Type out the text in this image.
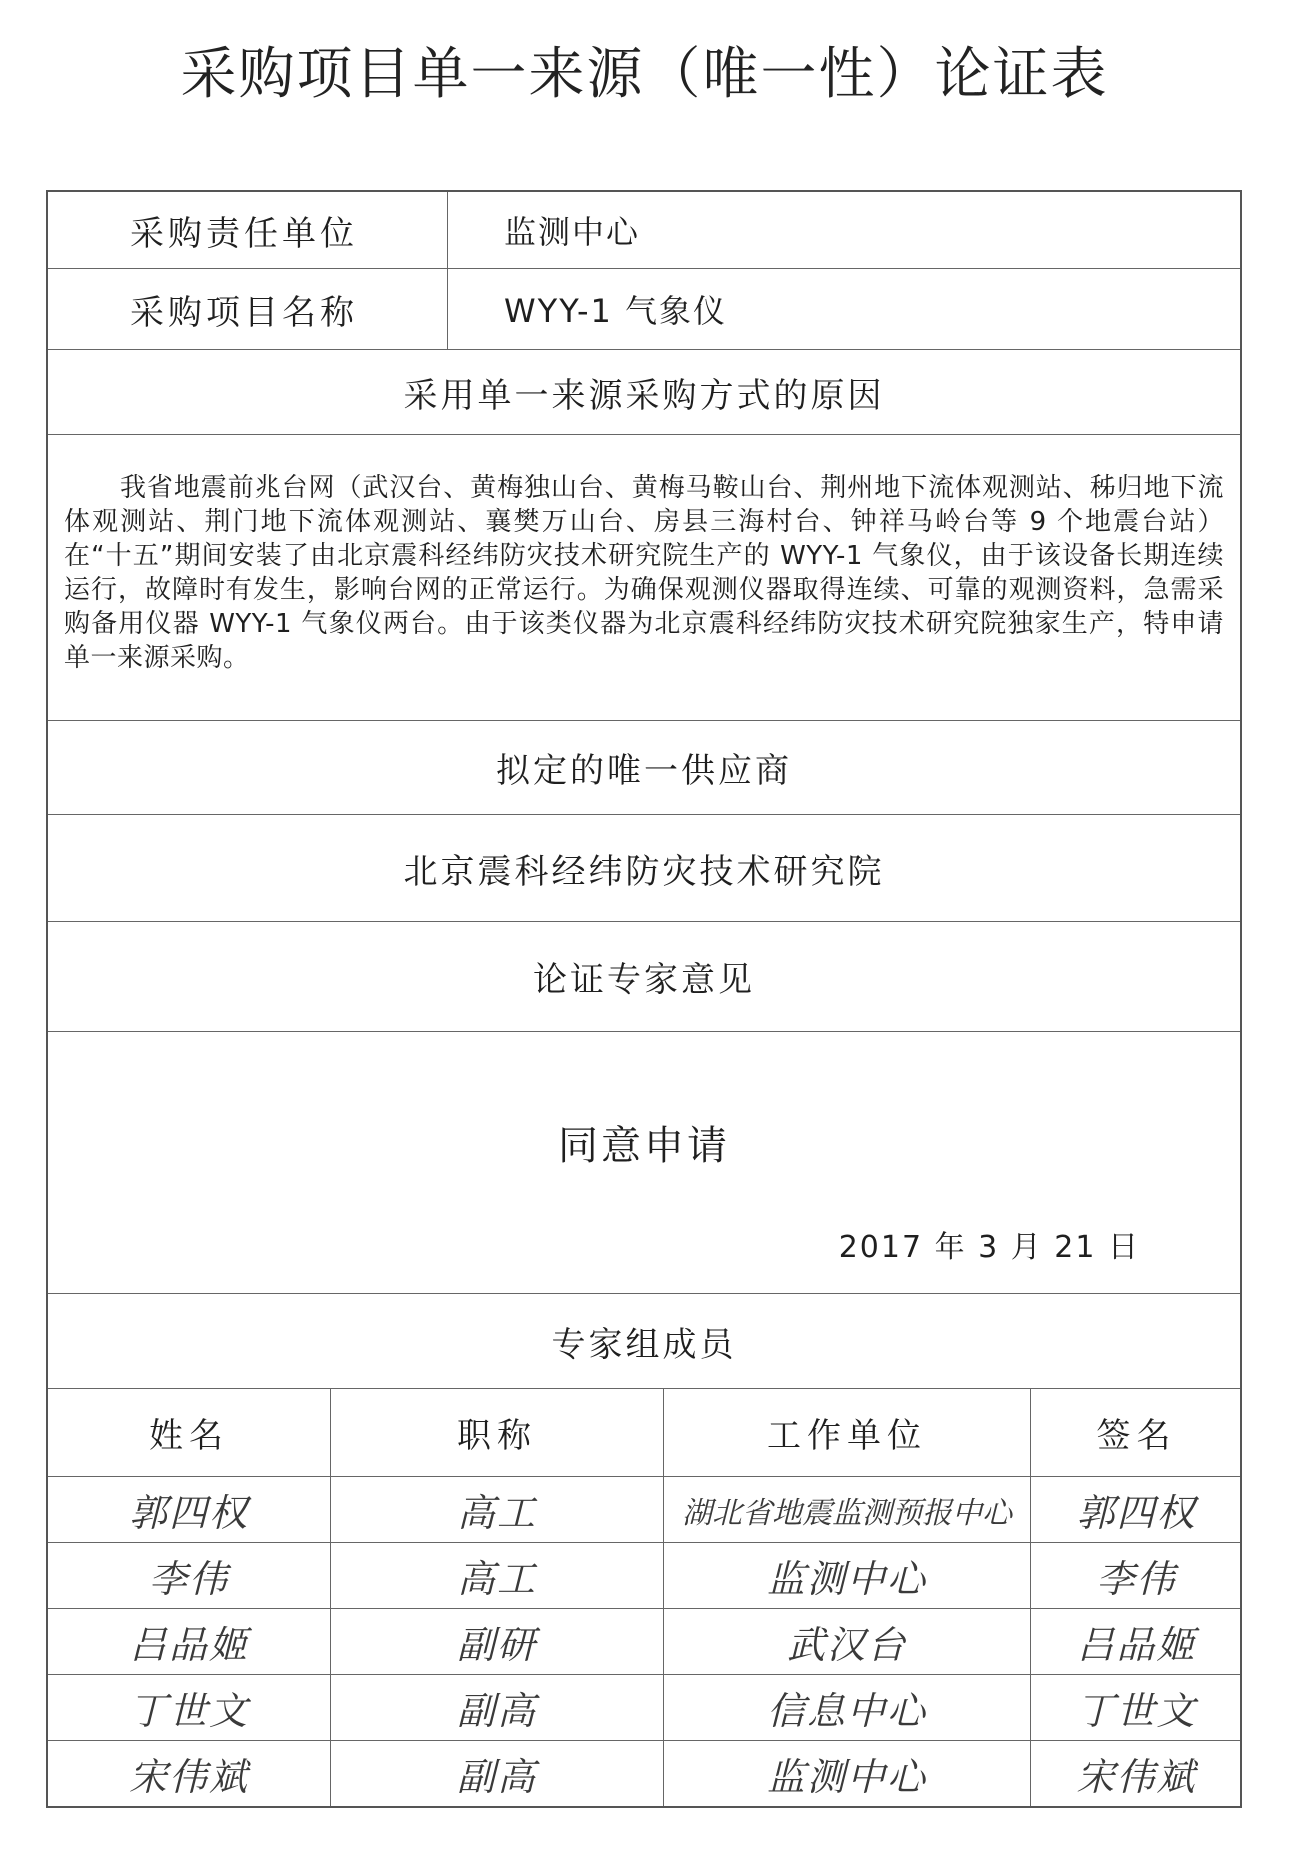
采购项目单一来源（唯一性）论证表
采购责任单位	监测中心
采购项目名称	WYY-1 气象仪
采用单一来源采购方式的原因
我省地震前兆台网（武汉台、黄梅独山台、黄梅马鞍山台、荆州地下流体观测站、秭归地下流体观测站、荆门地下流体观测站、襄樊万山台、房县三海村台、钟祥马岭台等 9 个地震台站）在“十五”期间安装了由北京震科经纬防灾技术研究院生产的 WYY-1 气象仪，由于该设备长期连续运行，故障时有发生，影响台网的正常运行。为确保观测仪器取得连续、可靠的观测资料，急需采购备用仪器 WYY-1 气象仪两台。由于该类仪器为北京震科经纬防灾技术研究院独家生产，特申请单一来源采购。
拟定的唯一供应商
北京震科经纬防灾技术研究院
论证专家意见
同意申请
2017 年 3 月 21 日
专家组成员
姓名	职称	工作单位	签名
郭四权	高工	湖北省地震监测预报中心	郭四权
李伟	高工	监测中心	李伟
吕品姬	副研	武汉台	吕品姬
丁世文	副高	信息中心	丁世文
宋伟斌	副高	监测中心	宋伟斌
